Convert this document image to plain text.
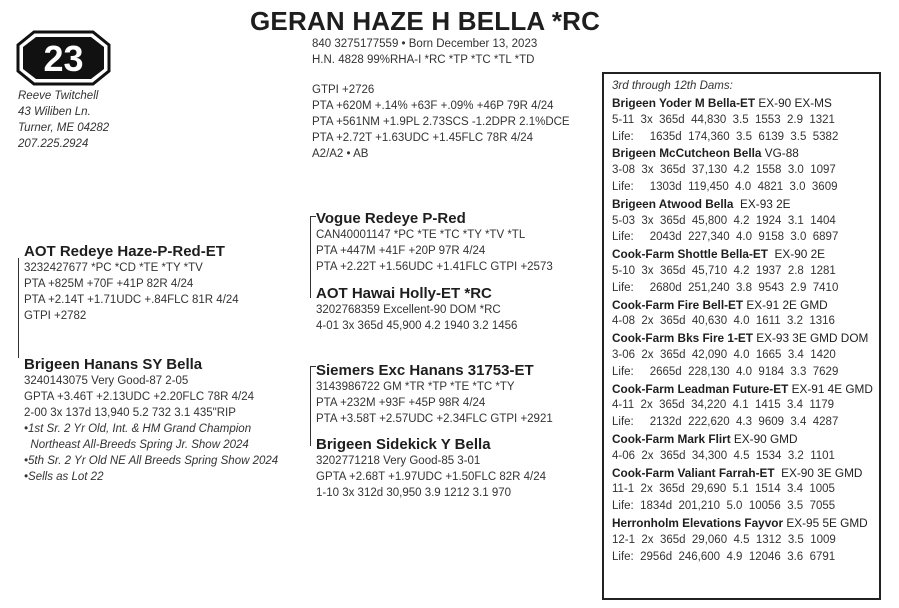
GERAN HAZE H BELLA *RC
23
Reeve Twitchell
43 Wiliben Ln.
Turner, ME 04282
207.225.2924
840 3275177559 • Born December 13, 2023
H.N. 4828 99%RHA-I *RC *TP *TC *TL *TD
GTPI +2726
PTA +620M +.14% +63F +.09% +46P 79R 4/24
PTA +561NM +1.9PL 2.73SCS -1.2DPR 2.1%DCE
PTA +2.72T +1.63UDC +1.45FLC 78R 4/24
A2/A2 • AB
AOT Redeye Haze-P-Red-ET
3232427677 *PC *CD *TE *TY *TV
PTA +825M +70F +41P 82R 4/24
PTA +2.14T +1.71UDC +.84FLC 81R 4/24
GTPI +2782
Brigeen Hanans SY Bella
3240143075 Very Good-87 2-05
GPTA +3.46T +2.13UDC +2.20FLC 78R 4/24
2-00 3x 137d 13,940 5.2 732 3.1 435"RIP
•1st Sr. 2 Yr Old, Int. & HM Grand Champion
Northeast All-Breeds Spring Jr. Show 2024
•5th Sr. 2 Yr Old NE All Breeds Spring Show 2024
•Sells as Lot 22
Vogue Redeye P-Red
CAN40001147 *PC *TE *TC *TY *TV *TL
PTA +447M +41F +20P 97R 4/24
PTA +2.22T +1.56UDC +1.41FLC GTPI +2573
AOT Hawai Holly-ET *RC
3202768359 Excellent-90 DOM *RC
4-01 3x 365d 45,900 4.2 1940 3.2 1456
Siemers Exc Hanans 31753-ET
3143986722 GM *TR *TP *TE *TC *TY
PTA +232M +93F +45P 98R 4/24
PTA +3.58T +2.57UDC +2.34FLC GTPI +2921
Brigeen Sidekick Y Bella
3202771218 Very Good-85 3-01
GPTA +2.68T +1.97UDC +1.50FLC 82R 4/24
1-10 3x 312d 30,950 3.9 1212 3.1 970
3rd through 12th Dams:
Brigeen Yoder M Bella-ET EX-90 EX-MS
5-11  3x  365d  44,830  3.5  1553  2.9  1321
Life:     1635d  174,360  3.5  6139  3.5  5382
Brigeen McCutcheon Bella VG-88
3-08  3x  365d  37,130  4.2  1558  3.0  1097
Life:     1303d  119,450  4.0  4821  3.0  3609
Brigeen Atwood Bella  EX-93 2E
5-03  3x  365d  45,800  4.2  1924  3.1  1404
Life:     2043d  227,340  4.0  9158  3.0  6897
Cook-Farm Shottle Bella-ET  EX-90 2E
5-10  3x  365d  45,710  4.2  1937  2.8  1281
Life:     2680d  251,240  3.8  9543  2.9  7410
Cook-Farm Fire Bell-ET EX-91 2E GMD
4-08  2x  365d  40,630  4.0  1611  3.2  1316
Cook-Farm Bks Fire 1-ET EX-93 3E GMD DOM
3-06  2x  365d  42,090  4.0  1665  3.4  1420
Life:     2665d  228,130  4.0  9184  3.3  7629
Cook-Farm Leadman Future-ET EX-91 4E GMD
4-11  2x  365d  34,220  4.1  1415  3.4  1179
Life:     2132d  222,620  4.3  9609  3.4  4287
Cook-Farm Mark Flirt EX-90 GMD
4-06  2x  365d  34,300  4.5  1534  3.2  1101
Cook-Farm Valiant Farrah-ET  EX-90 3E GMD
11-1  2x  365d  29,690  5.1  1514  3.4  1005
Life:  1834d  201,210  5.0  10056  3.5  7055
Herronholm Elevations Fayvor EX-95 5E GMD
12-1  2x  365d  29,060  4.5  1312  3.5  1009
Life:  2956d  246,600  4.9  12046  3.6  6791
